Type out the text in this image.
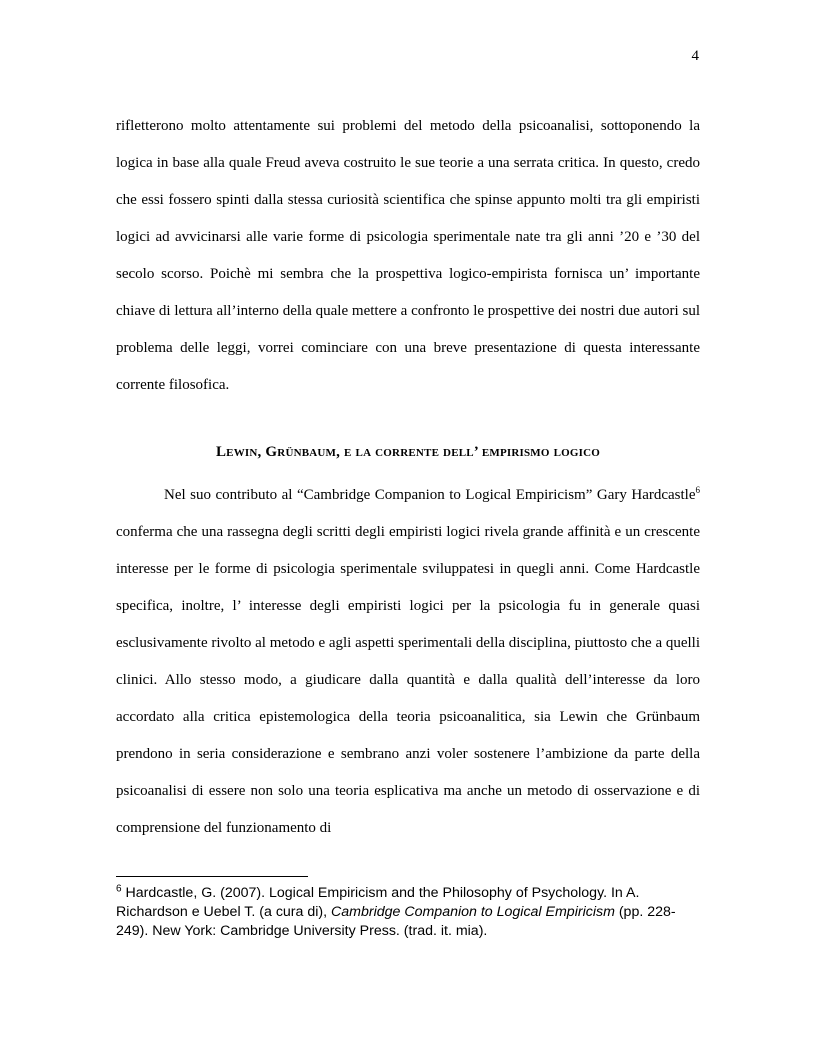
4

rifletterono molto attentamente sui problemi del metodo della psicoanalisi, sottoponendo la logica in base alla quale Freud aveva costruito le sue teorie a una serrata critica. In questo, credo che essi fossero spinti dalla stessa curiosità scientifica che spinse appunto molti tra gli empiristi logici ad avvicinarsi alle varie forme di psicologia sperimentale nate tra gli anni ’20 e ’30 del secolo scorso. Poichè mi sembra che la prospettiva logico-empirista fornisca un’ importante chiave di lettura all’interno della quale mettere a confronto le prospettive dei nostri due autori sul problema delle leggi, vorrei cominciare con una breve presentazione di questa interessante corrente filosofica.

Lewin, Grünbaum, e la corrente dell’ empirismo logico

Nel suo contributo al “Cambridge Companion to Logical Empiricism” Gary Hardcastle$^6$ conferma che una rassegna degli scritti degli empiristi logici rivela grande affinità e un crescente interesse per le forme di psicologia sperimentale sviluppatesi in quegli anni. Come Hardcastle specifica, inoltre, l’ interesse degli empiristi logici per la psicologia fu in generale quasi esclusivamente rivolto al metodo e agli aspetti sperimentali della disciplina, piuttosto che a quelli clinici. Allo stesso modo, a giudicare dalla quantità e dalla qualità dell’interesse da loro accordato alla critica epistemologica della teoria psicoanalitica, sia Lewin che Grünbaum prendono in seria considerazione e sembrano anzi voler sostenere l’ambizione da parte della psicoanalisi di essere non solo una teoria esplicativa ma anche un metodo di osservazione e di comprensione del funzionamento di

$^6$ Hardcastle, G. (2007). Logical Empiricism and the Philosophy of Psychology. In A. Richardson e Uebel T. (a cura di), Cambridge Companion to Logical Empiricism (pp. 228-249). New York: Cambridge University Press. (trad. it. mia).
